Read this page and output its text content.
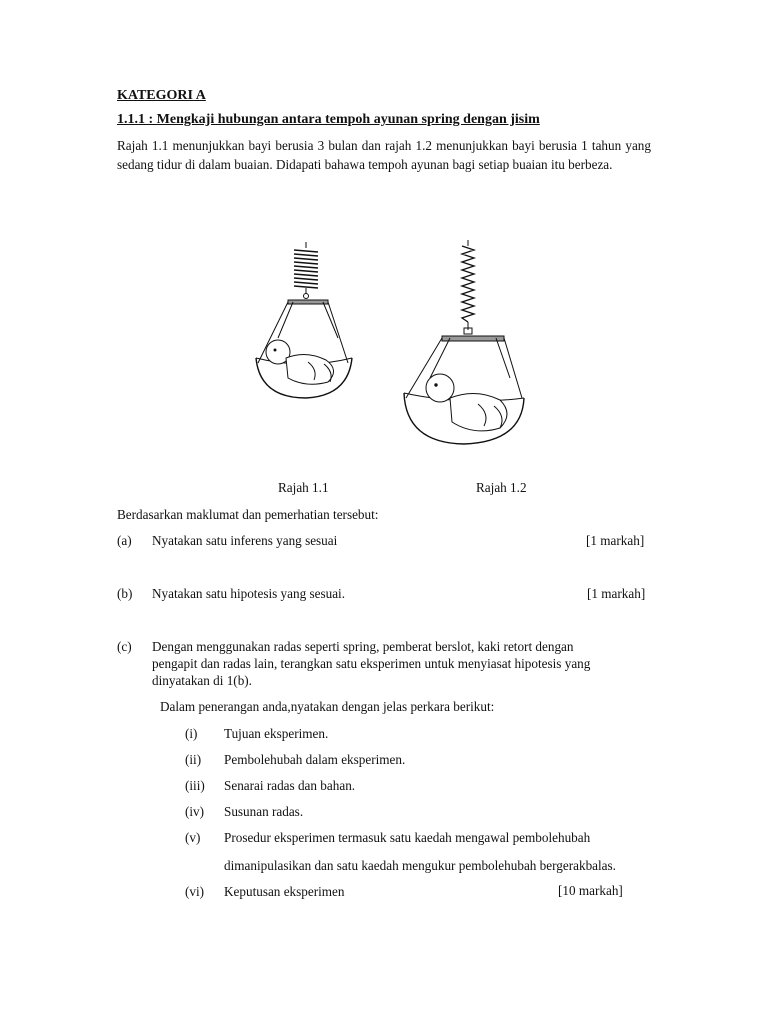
KATEGORI A
1.1.1 : Mengkaji hubungan antara tempoh ayunan spring dengan jisim
Rajah 1.1 menunjukkan bayi berusia 3 bulan dan rajah 1.2 menunjukkan bayi berusia 1 tahun yang sedang tidur di dalam buaian. Didapati bahawa tempoh ayunan bagi setiap buaian itu berbeza.
Rajah 1.1	Rajah 1.2
Berdasarkan maklumat dan pemerhatian tersebut:
(a) Nyatakan satu inferens yang sesuai	[1 markah]
(b) Nyatakan satu hipotesis yang sesuai.	[1 markah]
(c) Dengan menggunakan radas seperti spring, pemberat berslot, kaki retort dengan
pengapit dan radas lain, terangkan satu eksperimen untuk menyiasat hipotesis yang
dinyatakan di 1(b).
Dalam penerangan anda,nyatakan dengan jelas perkara berikut:
(i) Tujuan eksperimen.
(ii) Pembolehubah dalam eksperimen.
(iii) Senarai radas dan bahan.
(iv) Susunan radas.
(v) Prosedur eksperimen termasuk satu kaedah mengawal pembolehubah
dimanipulasikan dan satu kaedah mengukur pembolehubah bergerakbalas.
(vi) Keputusan eksperimen	[10 markah]
